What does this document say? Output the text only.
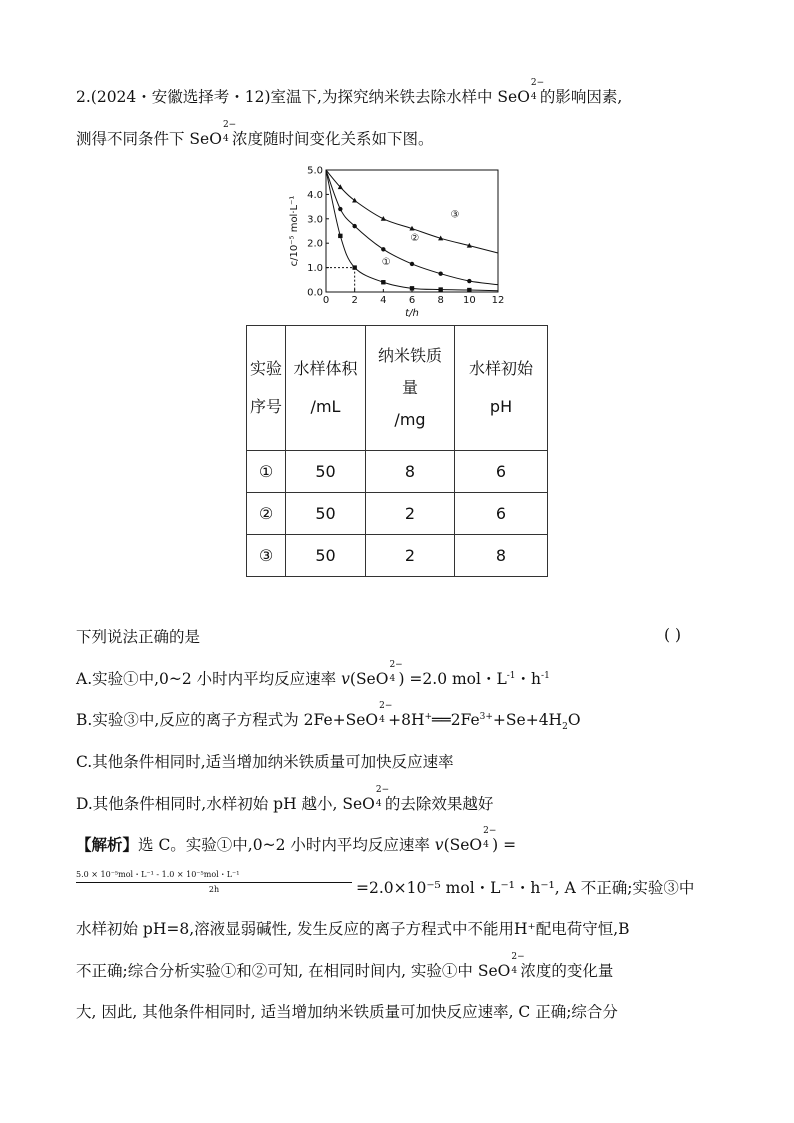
2.(2024・安徽选择考・12)室温下,为探究纳米铁去除水样中 SeO
2−
4 的影响因素,
测得不同条件下 SeO
2−
4 浓度随时间变化关系如下图。
0 2 4 6 8 10 12
0.0
1.0
2.0
3.0
4.0
5.0
t/h
c/10⁻⁵ mol·L⁻¹	①
②
③
实验
序号	水样体积
/mL	纳米铁质
量
/mg	水样初始
pH

①	50	8	6
②	50	2	6
③	50	2	8
下列说法正确的是	( )
A.实验①中,0~2 小时内平均反应速率 v(SeO
2−
4 ) =2.0 mol・$L^{-1}$・$h^{-1}$
B.实验③中,反应的离子方程式为 2Fe+SeO
2−
$4 +8H^+══2Fe^{3+}+Se+4H_2O$
C.其他条件相同时,适当增加纳米铁质量可加快反应速率
D.其他条件相同时,水样初始 pH 越小, SeO
2−
4 的去除效果越好
【解析】选 C。实验①中,0~2 小时内平均反应速率 v(SeO
2−
4 ) =
5.0 × 10⁻⁵mol・L⁻¹ - 1.0 × 10⁻⁵mol・L⁻¹
2h	=2.0×10⁻⁵ mol・L⁻¹・h⁻¹, A 不正确;实验③中
水样初始 pH=8,溶液显弱碱性, 发生反应的离子方程式中不能用H⁺配电荷守恒,B
不正确;综合分析实验①和②可知, 在相同时间内, 实验①中 SeO
2−
4 浓度的变化量
大, 因此, 其他条件相同时, 适当增加纳米铁质量可加快反应速率, C 正确;综合分
